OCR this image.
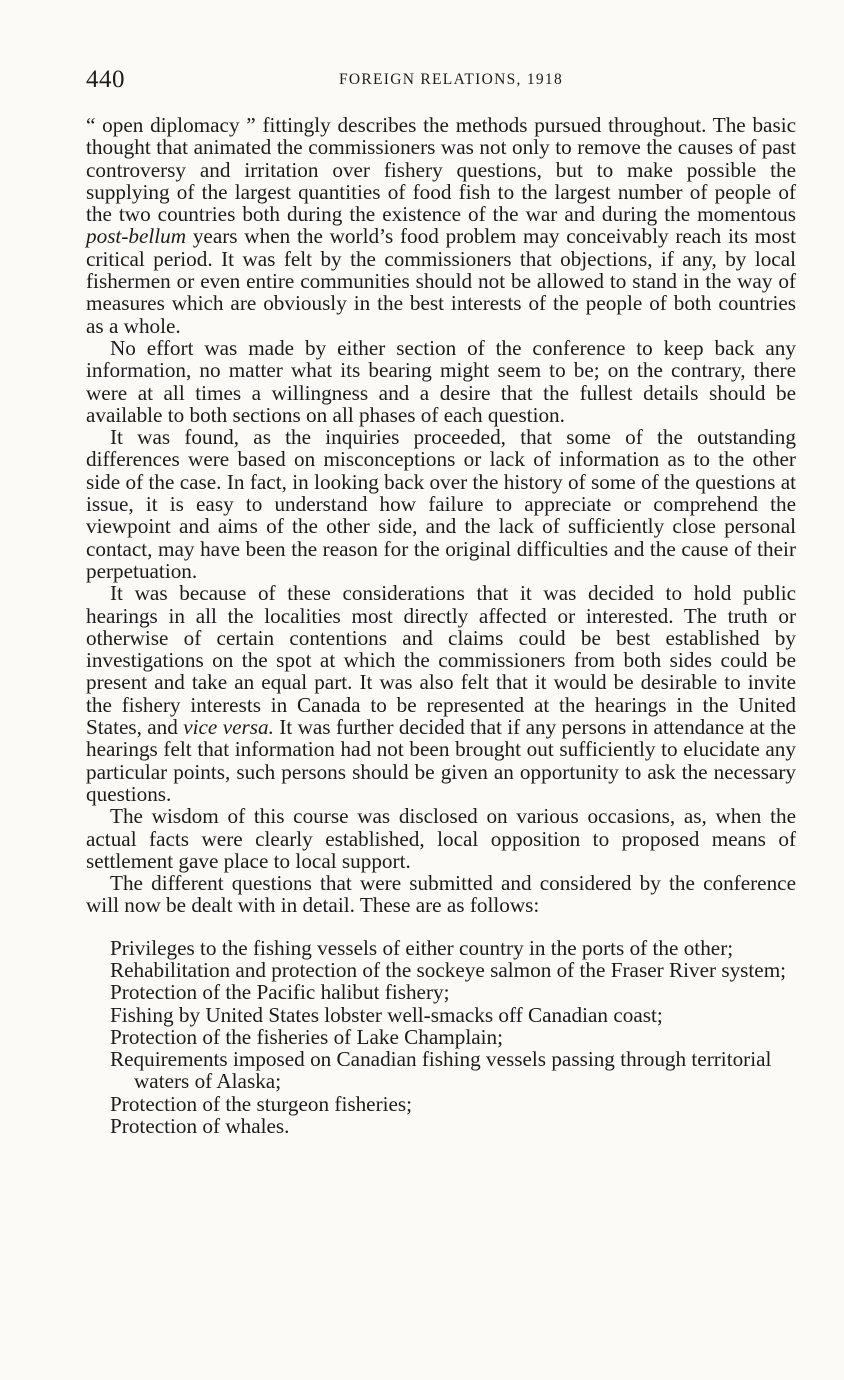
440	FOREIGN RELATIONS, 1918

“ open diplomacy ” fittingly describes the methods pursued throughout. The basic thought that animated the commissioners was not only to remove the causes of past controversy and irritation over fishery questions, but to make possible the supplying of the largest quantities of food fish to the largest number of people of the two countries both during the existence of the war and during the momentous post-bellum years when the world’s food problem may conceivably reach its most critical period. It was felt by the commissioners that objections, if any, by local fishermen or even entire communities should not be allowed to stand in the way of measures which are obviously in the best interests of the people of both countries as a whole.

No effort was made by either section of the conference to keep back any information, no matter what its bearing might seem to be; on the contrary, there were at all times a willingness and a desire that the fullest details should be available to both sections on all phases of each question.

It was found, as the inquiries proceeded, that some of the outstanding differences were based on misconceptions or lack of information as to the other side of the case. In fact, in looking back over the history of some of the questions at issue, it is easy to understand how failure to appreciate or comprehend the viewpoint and aims of the other side, and the lack of sufficiently close personal contact, may have been the reason for the original difficulties and the cause of their perpetuation.

It was because of these considerations that it was decided to hold public hearings in all the localities most directly affected or interested. The truth or otherwise of certain contentions and claims could be best established by investigations on the spot at which the commissioners from both sides could be present and take an equal part. It was also felt that it would be desirable to invite the fishery interests in Canada to be represented at the hearings in the United States, and vice versa. It was further decided that if any persons in attendance at the hearings felt that information had not been brought out sufficiently to elucidate any particular points, such persons should be given an opportunity to ask the necessary questions.

The wisdom of this course was disclosed on various occasions, as, when the actual facts were clearly established, local opposition to proposed means of settlement gave place to local support.

The different questions that were submitted and considered by the conference will now be dealt with in detail. These are as follows:

Privileges to the fishing vessels of either country in the ports of the other;
Rehabilitation and protection of the sockeye salmon of the Fraser River system;
Protection of the Pacific halibut fishery;
Fishing by United States lobster well-smacks off Canadian coast;
Protection of the fisheries of Lake Champlain;
Requirements imposed on Canadian fishing vessels passing through territorial waters of Alaska;
Protection of the sturgeon fisheries;
Protection of whales.
